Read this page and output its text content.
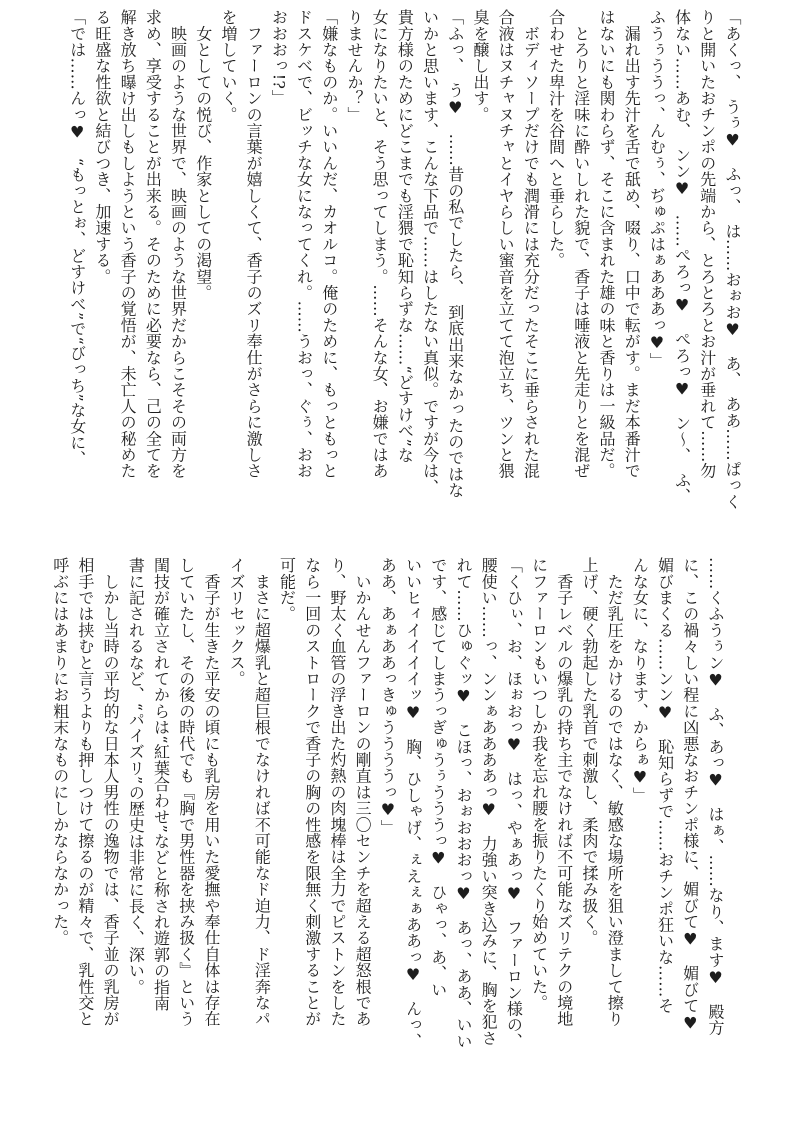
「あくっ、　うぅ♥　ふっ、　は……おぉお♥　あ、　ああ……ぱっく
りと開いたおチンポの先端から、とろとろとお汁が垂れて……勿
体ない……あむ、　ンン♥　……ぺろっ♥　ぺろっ♥　ン〜、　ふ、
ふうぅううっ、んむぅ、ぢゅぷはぁあああっ♥」
　漏れ出す先汁を舌で舐め、啜り、口中で転がす。まだ本番汁で
はないにも関わらず、そこに含まれた雄の味と香りは一級品だ。
　とろりと淫味に酔いしれた貌で、香子は唾液と先走りとを混ぜ
合わせた卑汁を谷間へと垂らした。
　ボディソープだけでも潤滑には充分だったそこに垂らされた混
合液はヌチャヌチャとイヤらしい蜜音を立てて泡立ち、ツンと猥
臭を醸し出す。
「ふっ、　う♥　……昔の私でしたら、　到底出来なかったのではな
いかと思います、こんな下品で……はしたない真似。ですが今は、
貴方様のためにどこまでも淫猥で恥知らずな……“どすけべ”な
女になりたいと、そう思ってしまう。……そんな女、お嫌ではあ
りませんか？」
「嫌なものか。いいんだ、カオルコ。俺のために、もっともっと
ドスケベで、ビッチな女になってくれ。……うおっ、ぐぅ、おお
おおおっ!?」
　ファーロンの言葉が嬉しくて、香子のズリ奉仕がさらに激しさ
を増していく。
　女としての悦び、作家としての渇望。
　映画のような世界で、映画のような世界だからこそその両方を
求め、享受することが出来る。そのために必要なら、己の全てを
解き放ち曝け出しもしようという香子の覚悟が、未亡人の秘めた
る旺盛な性欲と結びつき、加速する。
「では……んっ♥　“もっとぉ、どすけべ”で“びっち”な女に、
……くふうぅン♥　ふ、あっ♥　はぁ、……なり、ます♥　殿方
に、この禍々しい程に凶悪なおチンポ様に、媚びて♥　媚びて♥
媚びまくる……ンン♥　恥知らずで……おチンポ狂いな……そ
んな女に、なります、からぁ♥」
　ただ乳圧をかけるのではなく、敏感な場所を狙い澄まして擦り
上げ、硬く勃起した乳首で刺激し、柔肉で揉み扱く。
　香子レベルの爆乳の持ち主でなければ不可能なズリテクの境地
にファーロンもいつしか我を忘れ腰を振りたくり始めていた。
「くひぃ、お、ほぉおっ♥　はっ、やぁあっ♥　ファーロン様の、
腰使い……っ、ンンぁああああっ♥　力強い突き込みに、胸を犯さ
れて……ひゅぐッ♥　こほっ、おぉおおおっ♥　あっ、ああ、いい
です、感じてしまうっぎゅうぅうううっ♥　ひゃっ、あ、い
いいヒィイイイイッ♥　胸、ひしゃげ、ぇえぇぁああっ♥　んっ、
ああ、あぁああっきゅううううっ♥」
　いかんせんファーロンの剛直は三〇センチを超える超怒根であ
り、野太く血管の浮き出た灼熱の肉塊棒は全力でピストンをした
なら一回のストロークで香子の胸の性感を限無く刺激することが
可能だ。
　まさに超爆乳と超巨根でなければ不可能なド迫力、ド淫奔なパ
イズリセックス。
　香子が生きた平安の頃にも乳房を用いた愛撫や奉仕自体は存在
していたし、その後の時代でも『胸で男性器を挟み扱く』という
閨技が確立されてからは“紅葉合わせ”などと称され遊郭の指南
書に記されるなど、“パイズリ”の歴史は非常に長く、深い。
　しかし当時の平均的な日本人男性の逸物では、香子並の乳房が
相手では挟むと言うよりも押しつけて擦るのが精々で、乳性交と
呼ぶにはあまりにお粗末なものにしかならなかった。
